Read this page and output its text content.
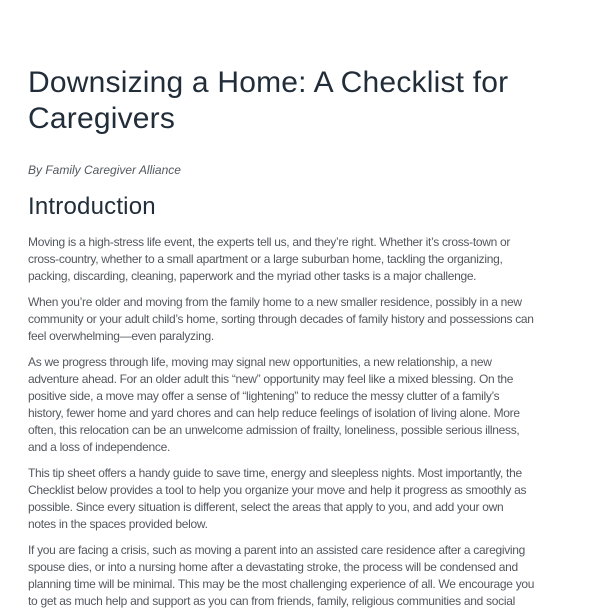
Downsizing a Home: A Checklist for
Caregivers
By Family Caregiver Alliance
Introduction

Moving is a high-stress life event, the experts tell us, and they’re right. Whether it’s cross-town or
cross-country, whether to a small apartment or a large suburban home, tackling the organizing,
packing, discarding, cleaning, paperwork and the myriad other tasks is a major challenge.

When you’re older and moving from the family home to a new smaller residence, possibly in a new
community or your adult child’s home, sorting through decades of family history and possessions can
feel overwhelming—even paralyzing.

As we progress through life, moving may signal new opportunities, a new relationship, a new
adventure ahead. For an older adult this “new” opportunity may feel like a mixed blessing. On the
positive side, a move may offer a sense of “lightening” to reduce the messy clutter of a family’s
history, fewer home and yard chores and can help reduce feelings of isolation of living alone. More
often, this relocation can be an unwelcome admission of frailty, loneliness, possible serious illness,
and a loss of independence.

This tip sheet offers a handy guide to save time, energy and sleepless nights. Most importantly, the
Checklist below provides a tool to help you organize your move and help it progress as smoothly as
possible. Since every situation is different, select the areas that apply to you, and add your own
notes in the spaces provided below.

If you are facing a crisis, such as moving a parent into an assisted care residence after a caregiving
spouse dies, or into a nursing home after a devastating stroke, the process will be condensed and
planning time will be minimal. This may be the most challenging experience of all. We encourage you
to get as much help and support as you can from friends, family, religious communities and social
